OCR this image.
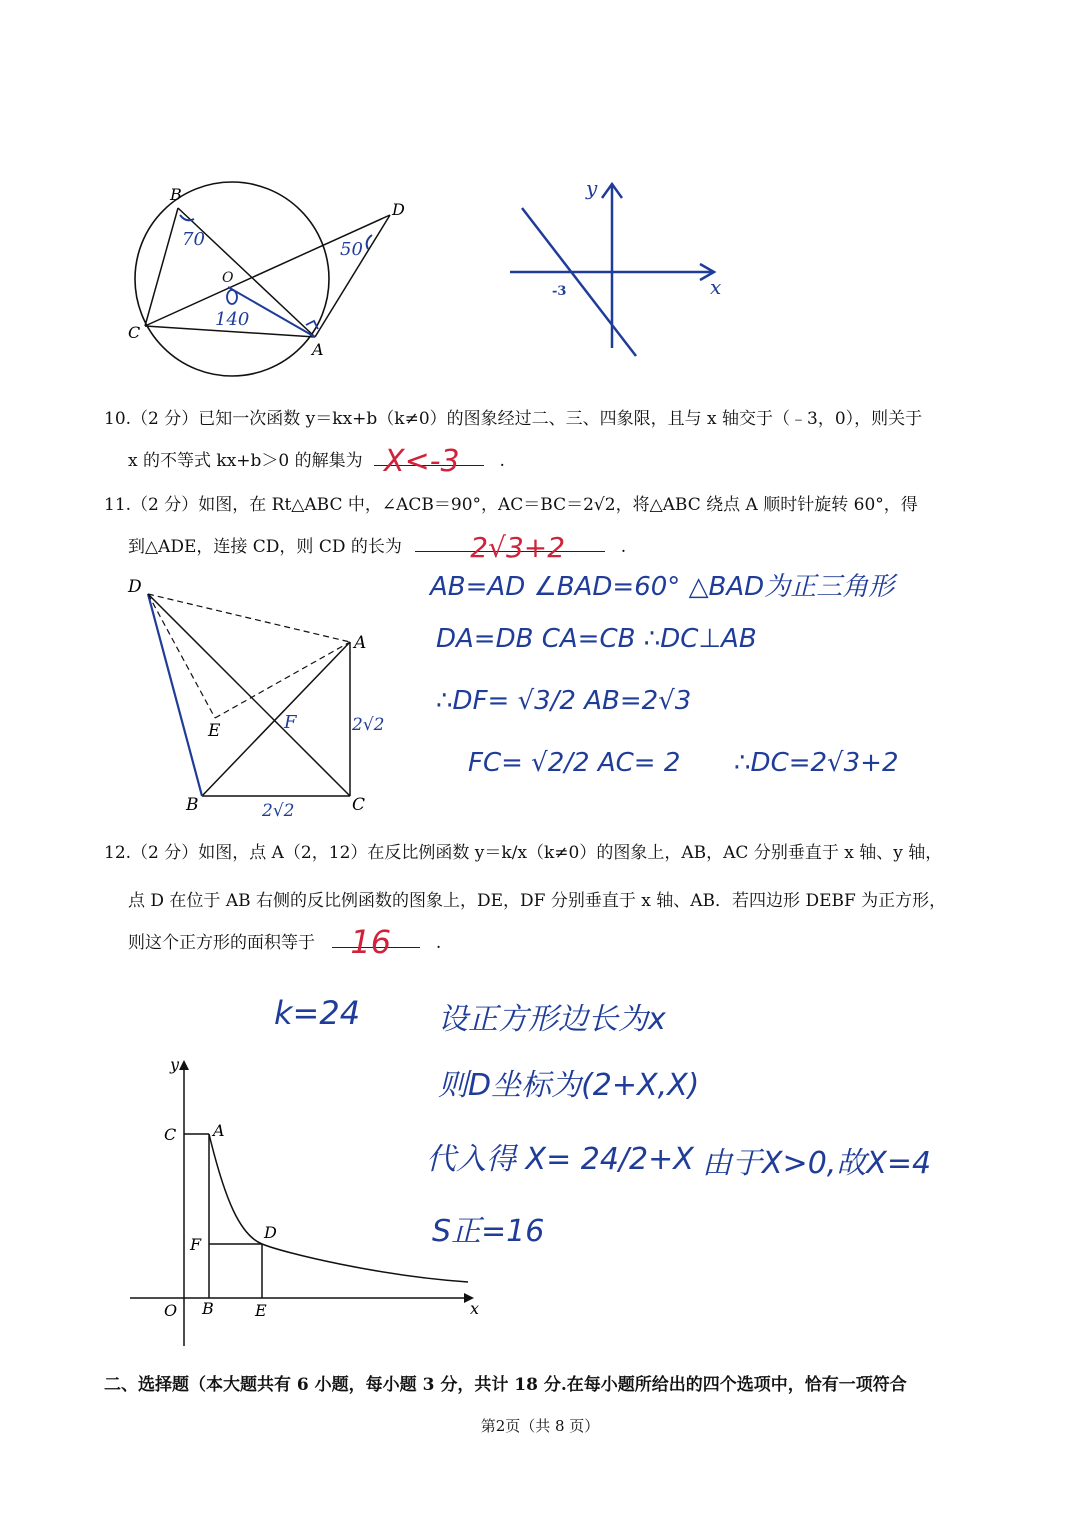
B
D
C
A
O
70	50
140
y
x
-3
10.（2 分）已知一次函数 y＝kx+b（k≠0）的图象经过二、三、四象限，且与 x 轴交于（﹣3，0），则关于
x 的不等式 kx+b＞0 的解集为 X<-3 .
11.（2 分）如图，在 Rt△ABC 中，∠ACB＝90°，AC＝BC＝2√2，将△ABC 绕点 A 顺时针旋转 60°，得
到△ADE，连接 CD，则 CD 的长为 2√3+2	.
D
A
E	F
B	C
2√2
2√2
AB=AD ∠BAD=60° △BAD为正三角形
DA=DB CA=CB ∴DC⊥AB
∴DF= √3/2 AB=2√3
FC= √2/2 AC= 2 ∴DC=2√3+2
12.（2 分）如图，点 A（2，12）在反比例函数 y＝k/x（k≠0）的图象上，AB，AC 分别垂直于 x 轴、y 轴，
点 D 在位于 AB 右侧的反比例函数的图象上，DE，DF 分别垂直于 x 轴、AB．若四边形 DEBF 为正方形，
则这个正方形的面积等于 16	.
k=24	设正方形边长为x
则D坐标为(2+X,X)
代入得 X= 24/2+X 由于X>0,故X=4
S正=16
y
C A
D
F
O B	E	x
二、选择题（本大题共有 6 小题，每小题 3 分，共计 18 分.在每小题所给出的四个选项中，恰有一项符合
第2页（共 8 页）
